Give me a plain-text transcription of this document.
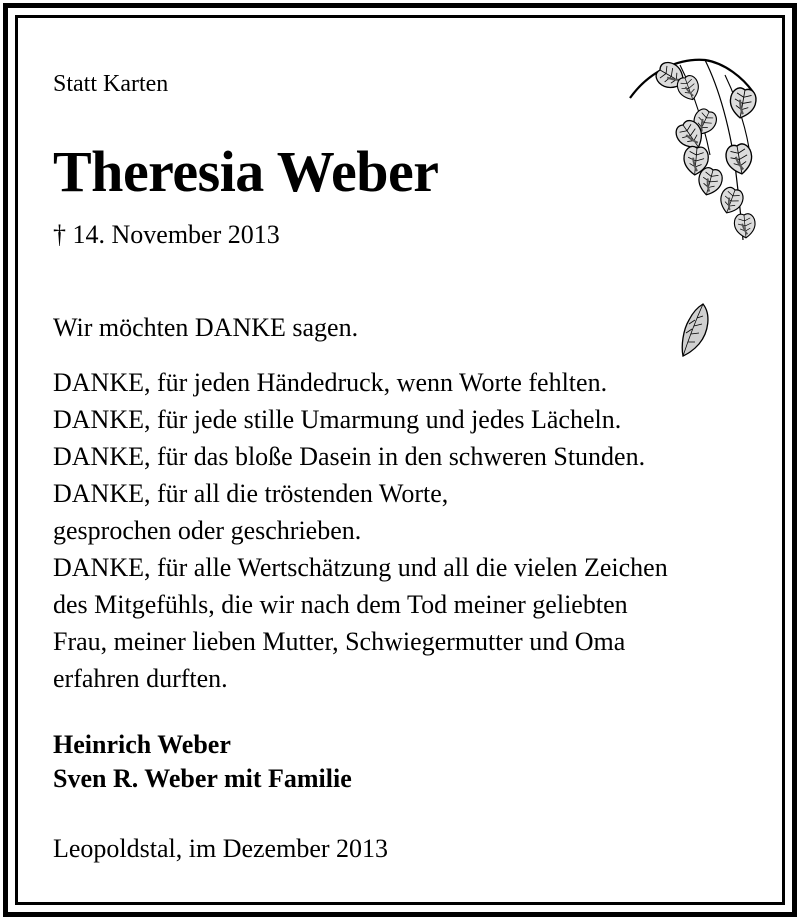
Statt Karten
Theresia Weber
† 14. November 2013
Wir möchten DANKE sagen.
DANKE, für jeden Händedruck, wenn Worte fehlten.
DANKE, für jede stille Umarmung und jedes Lächeln.
DANKE, für das bloße Dasein in den schweren Stunden.
DANKE, für all die tröstenden Worte,
gesprochen oder geschrieben.
DANKE, für alle Wertschätzung und all die vielen Zeichen
des Mitgefühls, die wir nach dem Tod meiner geliebten
Frau, meiner lieben Mutter, Schwiegermutter und Oma
erfahren durften.
Heinrich Weber
Sven R. Weber mit Familie
Leopoldstal, im Dezember 2013
